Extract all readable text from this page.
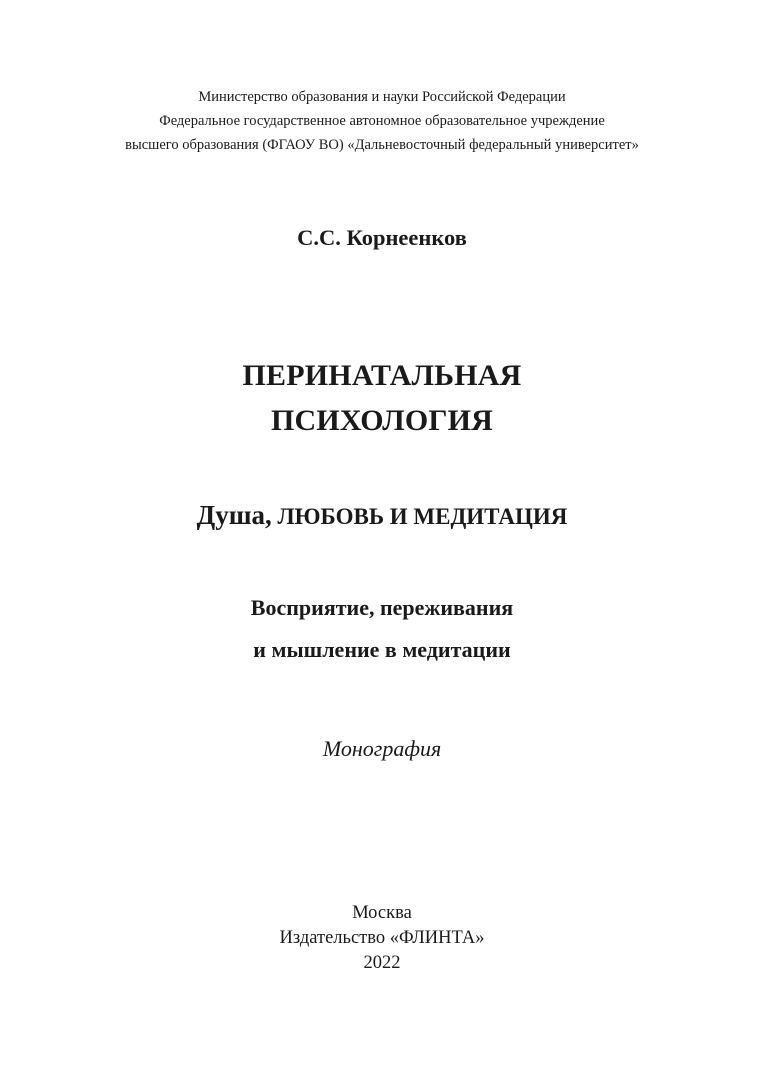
Министерство образования и науки Российской Федерации

Федеральное государственное автономное образовательное учреждение

высшего образования (ФГАОУ ВО) «Дальневосточный федеральный университет»

С.С. Корнеенков

ПЕРИНАТАЛЬНАЯ

ПСИХОЛОГИЯ

Душа, ЛЮБОВЬ И МЕДИТАЦИЯ

Восприятие, переживания

и мышление в медитации

Монография

Москва

Издательство «ФЛИНТА»

2022
